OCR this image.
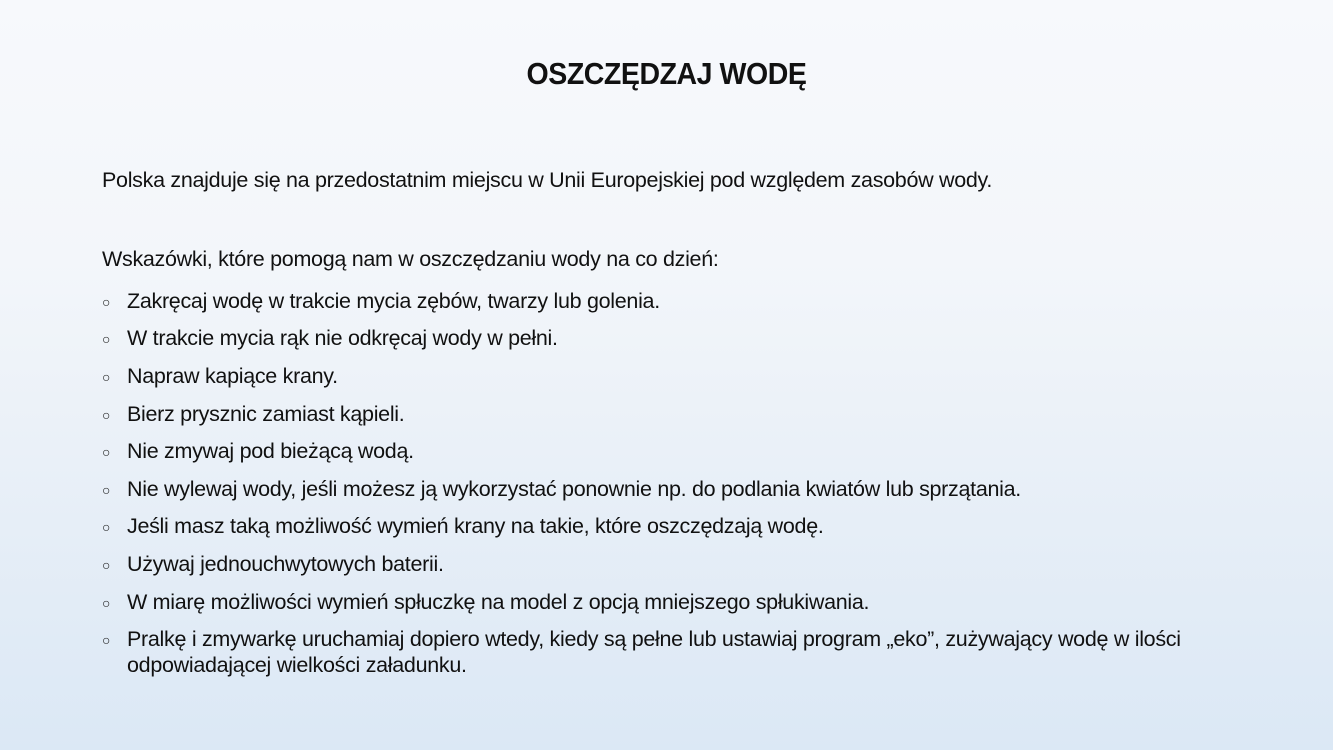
OSZCZĘDZAJ WODĘ

Polska znajduje się na przedostatnim miejscu w Unii Europejskiej pod względem zasobów wody.

Wskazówki, które pomogą nam w oszczędzaniu wody na co dzień:

○ Zakręcaj wodę w trakcie mycia zębów, twarzy lub golenia.
○ W trakcie mycia rąk nie odkręcaj wody w pełni.
○ Napraw kapiące krany.
○ Bierz prysznic zamiast kąpieli.
○ Nie zmywaj pod bieżącą wodą.
○ Nie wylewaj wody, jeśli możesz ją wykorzystać ponownie np. do podlania kwiatów lub sprzątania.
○ Jeśli masz taką możliwość wymień krany na takie, które oszczędzają wodę.
○ Używaj jednouchwytowych baterii.
○ W miarę możliwości wymień spłuczkę na model z opcją mniejszego spłukiwania.
○ Pralkę i zmywarkę uruchamiaj dopiero wtedy, kiedy są pełne lub ustawiaj program „eko”, zużywający wodę w ilości odpowiadającej wielkości załadunku.
